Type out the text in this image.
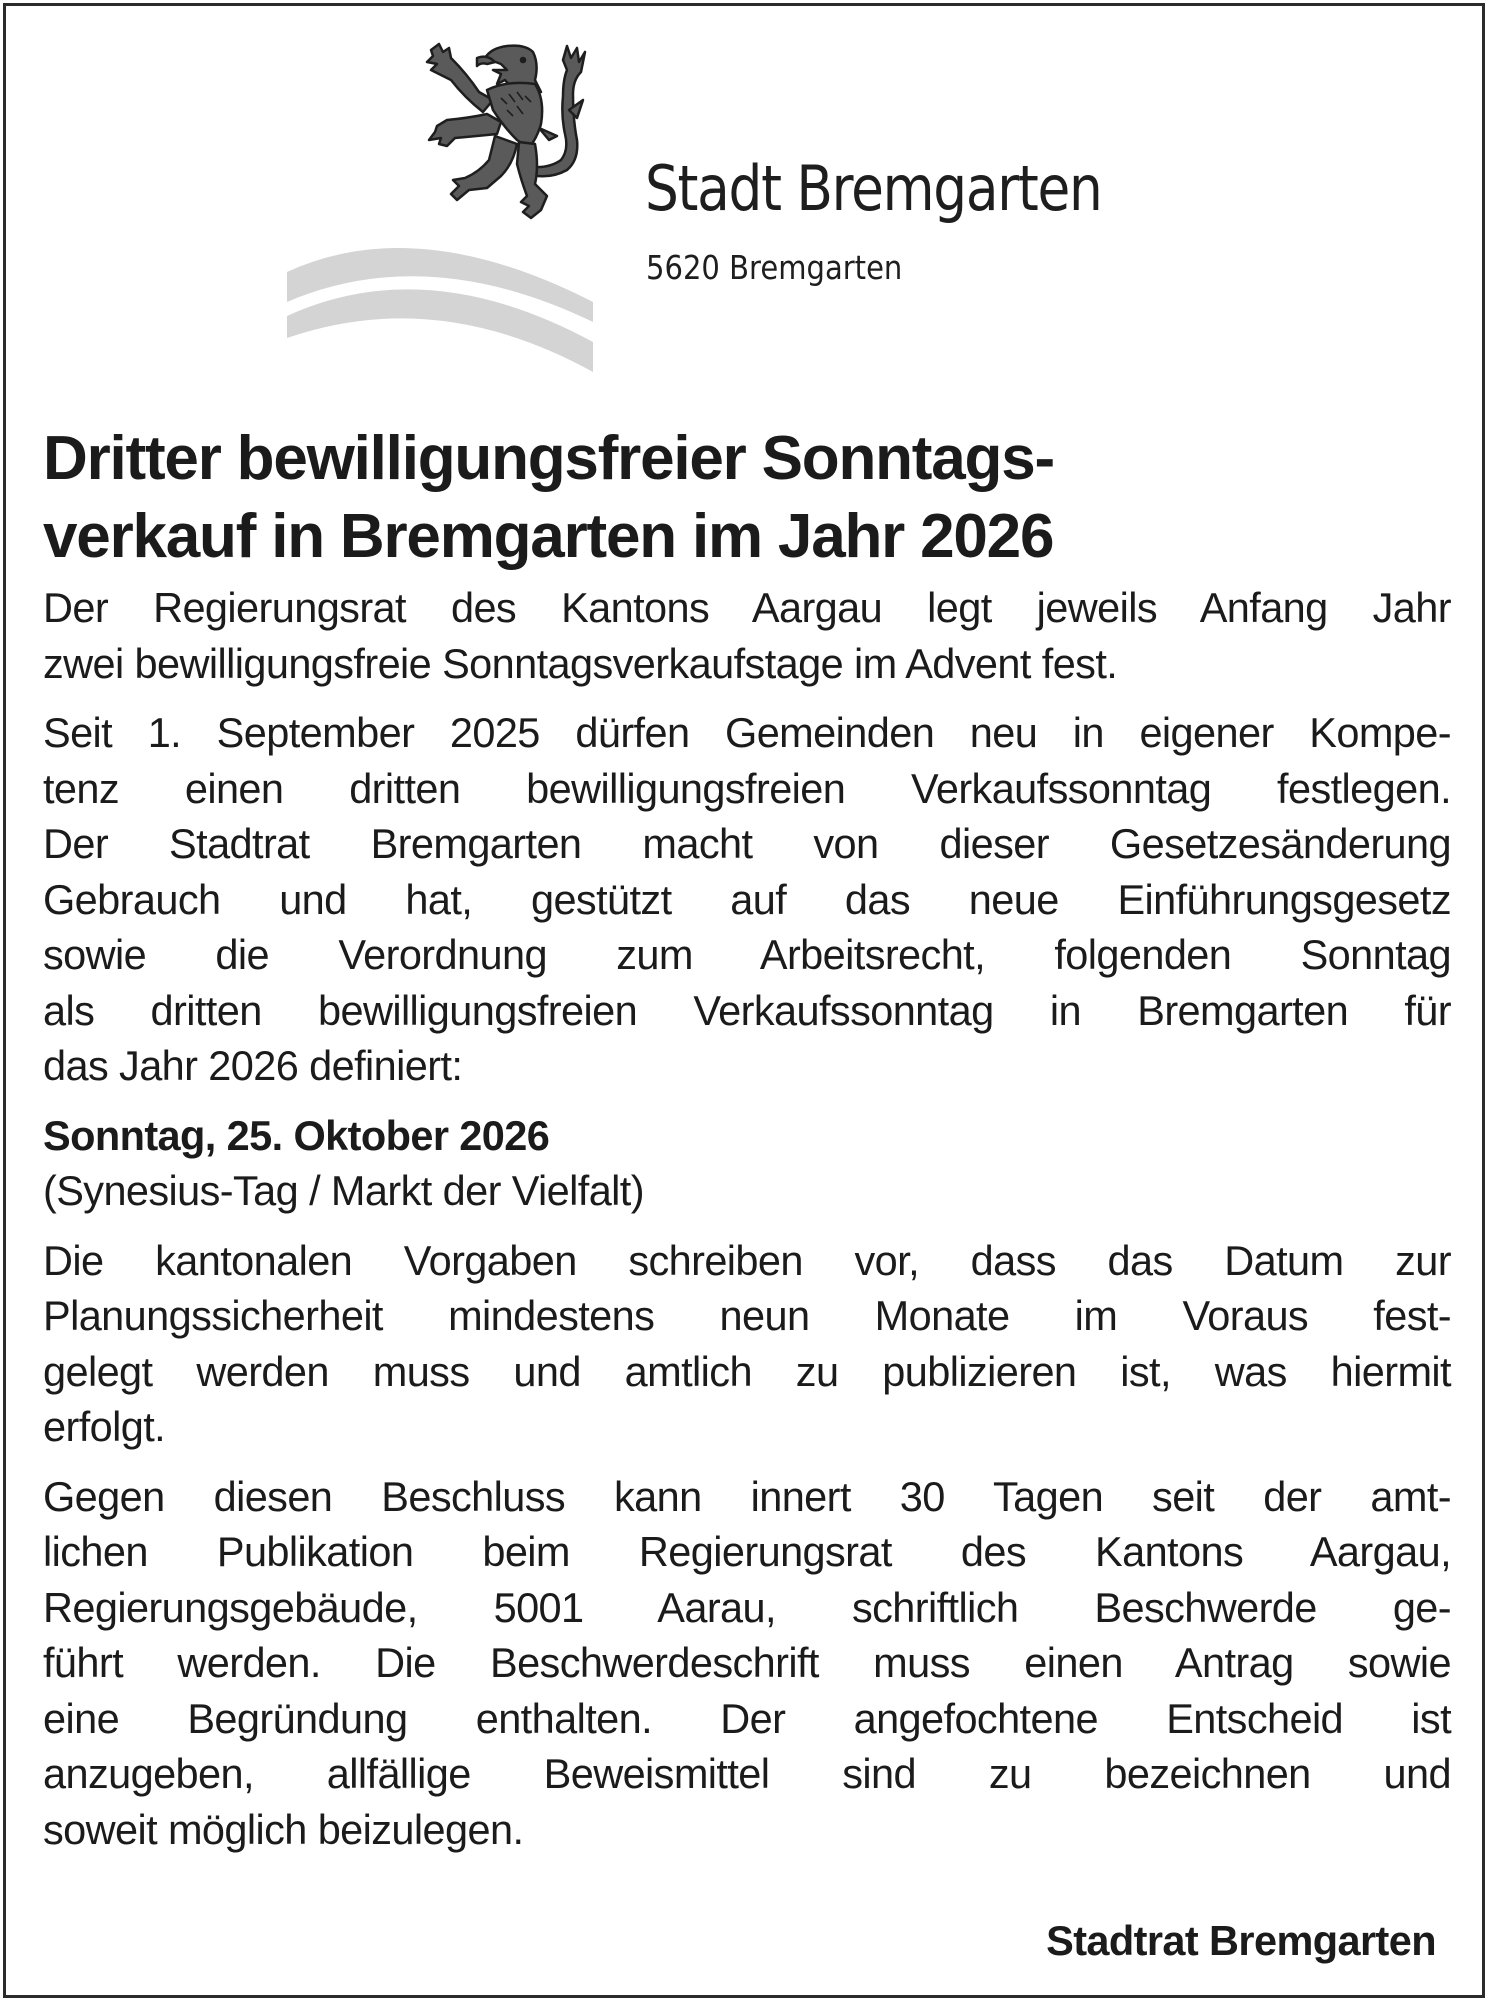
Stadt Bremgarten
5620 Bremgarten
Dritter bewilligungsfreier Sonntags-
verkauf in Bremgarten im Jahr 2026

Der Regierungsrat des Kantons Aargau legt jeweils Anfang Jahr
zwei bewilligungsfreie Sonntagsverkaufstage im Advent fest.

Seit 1. September 2025 dürfen Gemeinden neu in eigener Kompe-
tenz einen dritten bewilligungsfreien Verkaufssonntag festlegen.
Der Stadtrat Bremgarten macht von dieser Gesetzesänderung
Gebrauch und hat, gestützt auf das neue Einführungsgesetz
sowie die Verordnung zum Arbeitsrecht, folgenden Sonntag
als dritten bewilligungsfreien Verkaufssonntag in Bremgarten für
das Jahr 2026 definiert:

Sonntag, 25. Oktober 2026
(Synesius-Tag / Markt der Vielfalt)

Die kantonalen Vorgaben schreiben vor, dass das Datum zur
Planungssicherheit mindestens neun Monate im Voraus fest-
gelegt werden muss und amtlich zu publizieren ist, was hiermit
erfolgt.

Gegen diesen Beschluss kann innert 30 Tagen seit der amt-
lichen Publikation beim Regierungsrat des Kantons Aargau,
Regierungsgebäude, 5001 Aarau, schriftlich Beschwerde ge-
führt werden. Die Beschwerdeschrift muss einen Antrag sowie
eine Begründung enthalten. Der angefochtene Entscheid ist
anzugeben, allfällige Beweismittel sind zu bezeichnen und
soweit möglich beizulegen.

Stadtrat Bremgarten
